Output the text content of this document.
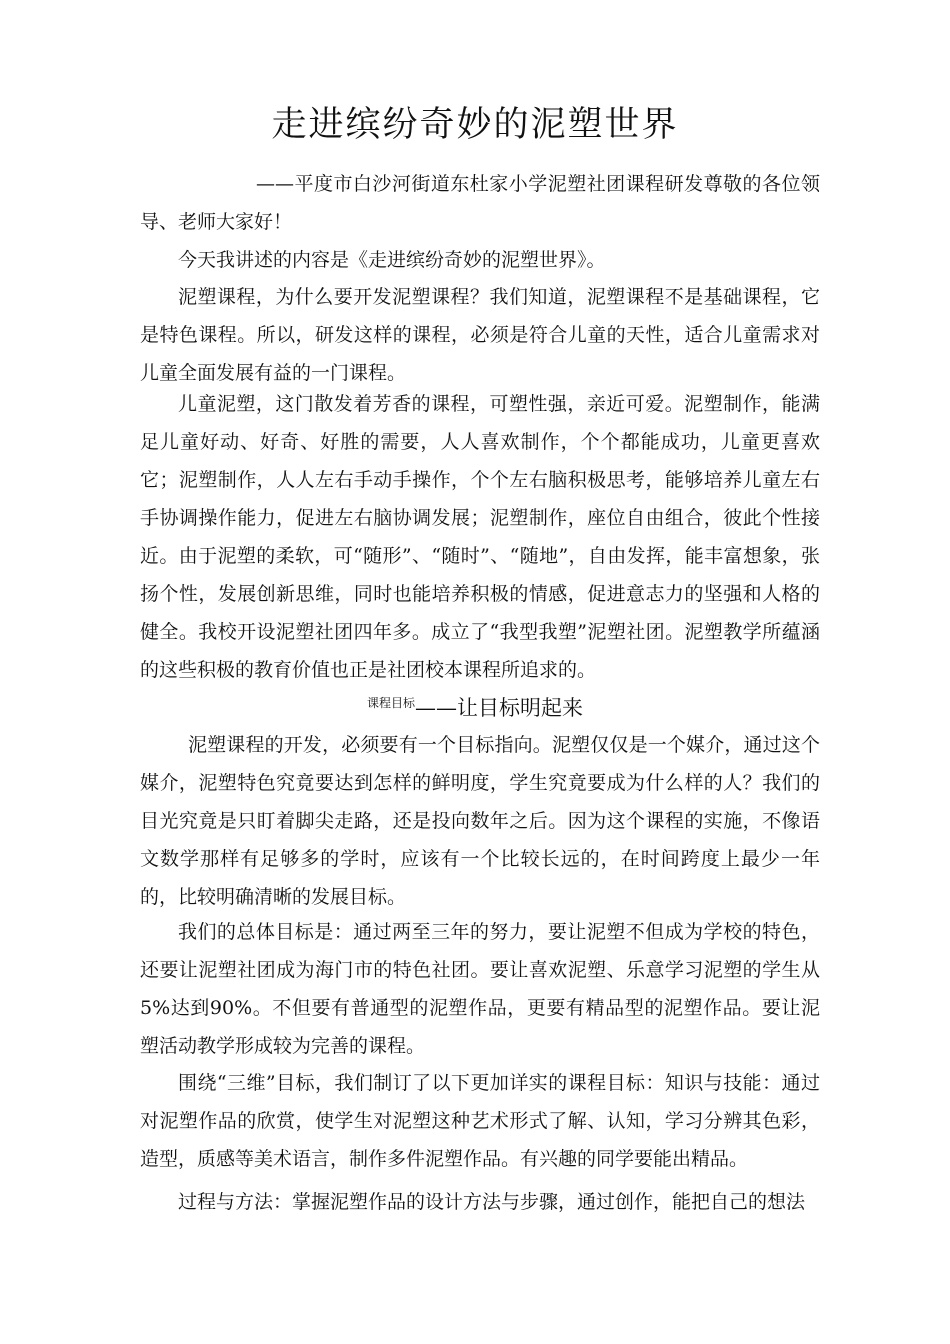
走进缤纷奇妙的泥塑世界
——平度市白沙河街道东杜家小学泥塑社团课程研发尊敬的各位领导、老师大家好！

今天我讲述的内容是《走进缤纷奇妙的泥塑世界》。

泥塑课程，为什么要开发泥塑课程？我们知道，泥塑课程不是基础课程，它是特色课程。所以，研发这样的课程，必须是符合儿童的天性，适合儿童需求对儿童全面发展有益的一门课程。

儿童泥塑，这门散发着芳香的课程，可塑性强，亲近可爱。泥塑制作，能满足儿童好动、好奇、好胜的需要，人人喜欢制作，个个都能成功，儿童更喜欢它；泥塑制作，人人左右手动手操作，个个左右脑积极思考，能够培养儿童左右手协调操作能力，促进左右脑协调发展；泥塑制作，座位自由组合，彼此个性接近。由于泥塑的柔软，可“随形”、“随时”、“随地”，自由发挥，能丰富想象，张扬个性，发展创新思维，同时也能培养积极的情感，促进意志力的坚强和人格的健全。我校开设泥塑社团四年多。成立了“我型我塑”泥塑社团。泥塑教学所蕴涵的这些积极的教育价值也正是社团校本课程所追求的。

$^{课程目标}$——让目标明起来

泥塑课程的开发，必须要有一个目标指向。泥塑仅仅是一个媒介，通过这个媒介，泥塑特色究竟要达到怎样的鲜明度，学生究竟要成为什么样的人？我们的目光究竟是只盯着脚尖走路，还是投向数年之后。因为这个课程的实施，不像语文数学那样有足够多的学时，应该有一个比较长远的，在时间跨度上最少一年的，比较明确清晰的发展目标。

我们的总体目标是：通过两至三年的努力，要让泥塑不但成为学校的特色，还要让泥塑社团成为海门市的特色社团。要让喜欢泥塑、乐意学习泥塑的学生从5%达到90%。不但要有普通型的泥塑作品，更要有精品型的泥塑作品。要让泥塑活动教学形成较为完善的课程。

围绕“三维”目标，我们制订了以下更加详实的课程目标：知识与技能：通过对泥塑作品的欣赏，使学生对泥塑这种艺术形式了解、认知，学习分辨其色彩，造型，质感等美术语言，制作多件泥塑作品。有兴趣的同学要能出精品。

过程与方法：掌握泥塑作品的设计方法与步骤，通过创作，能把自己的想法
